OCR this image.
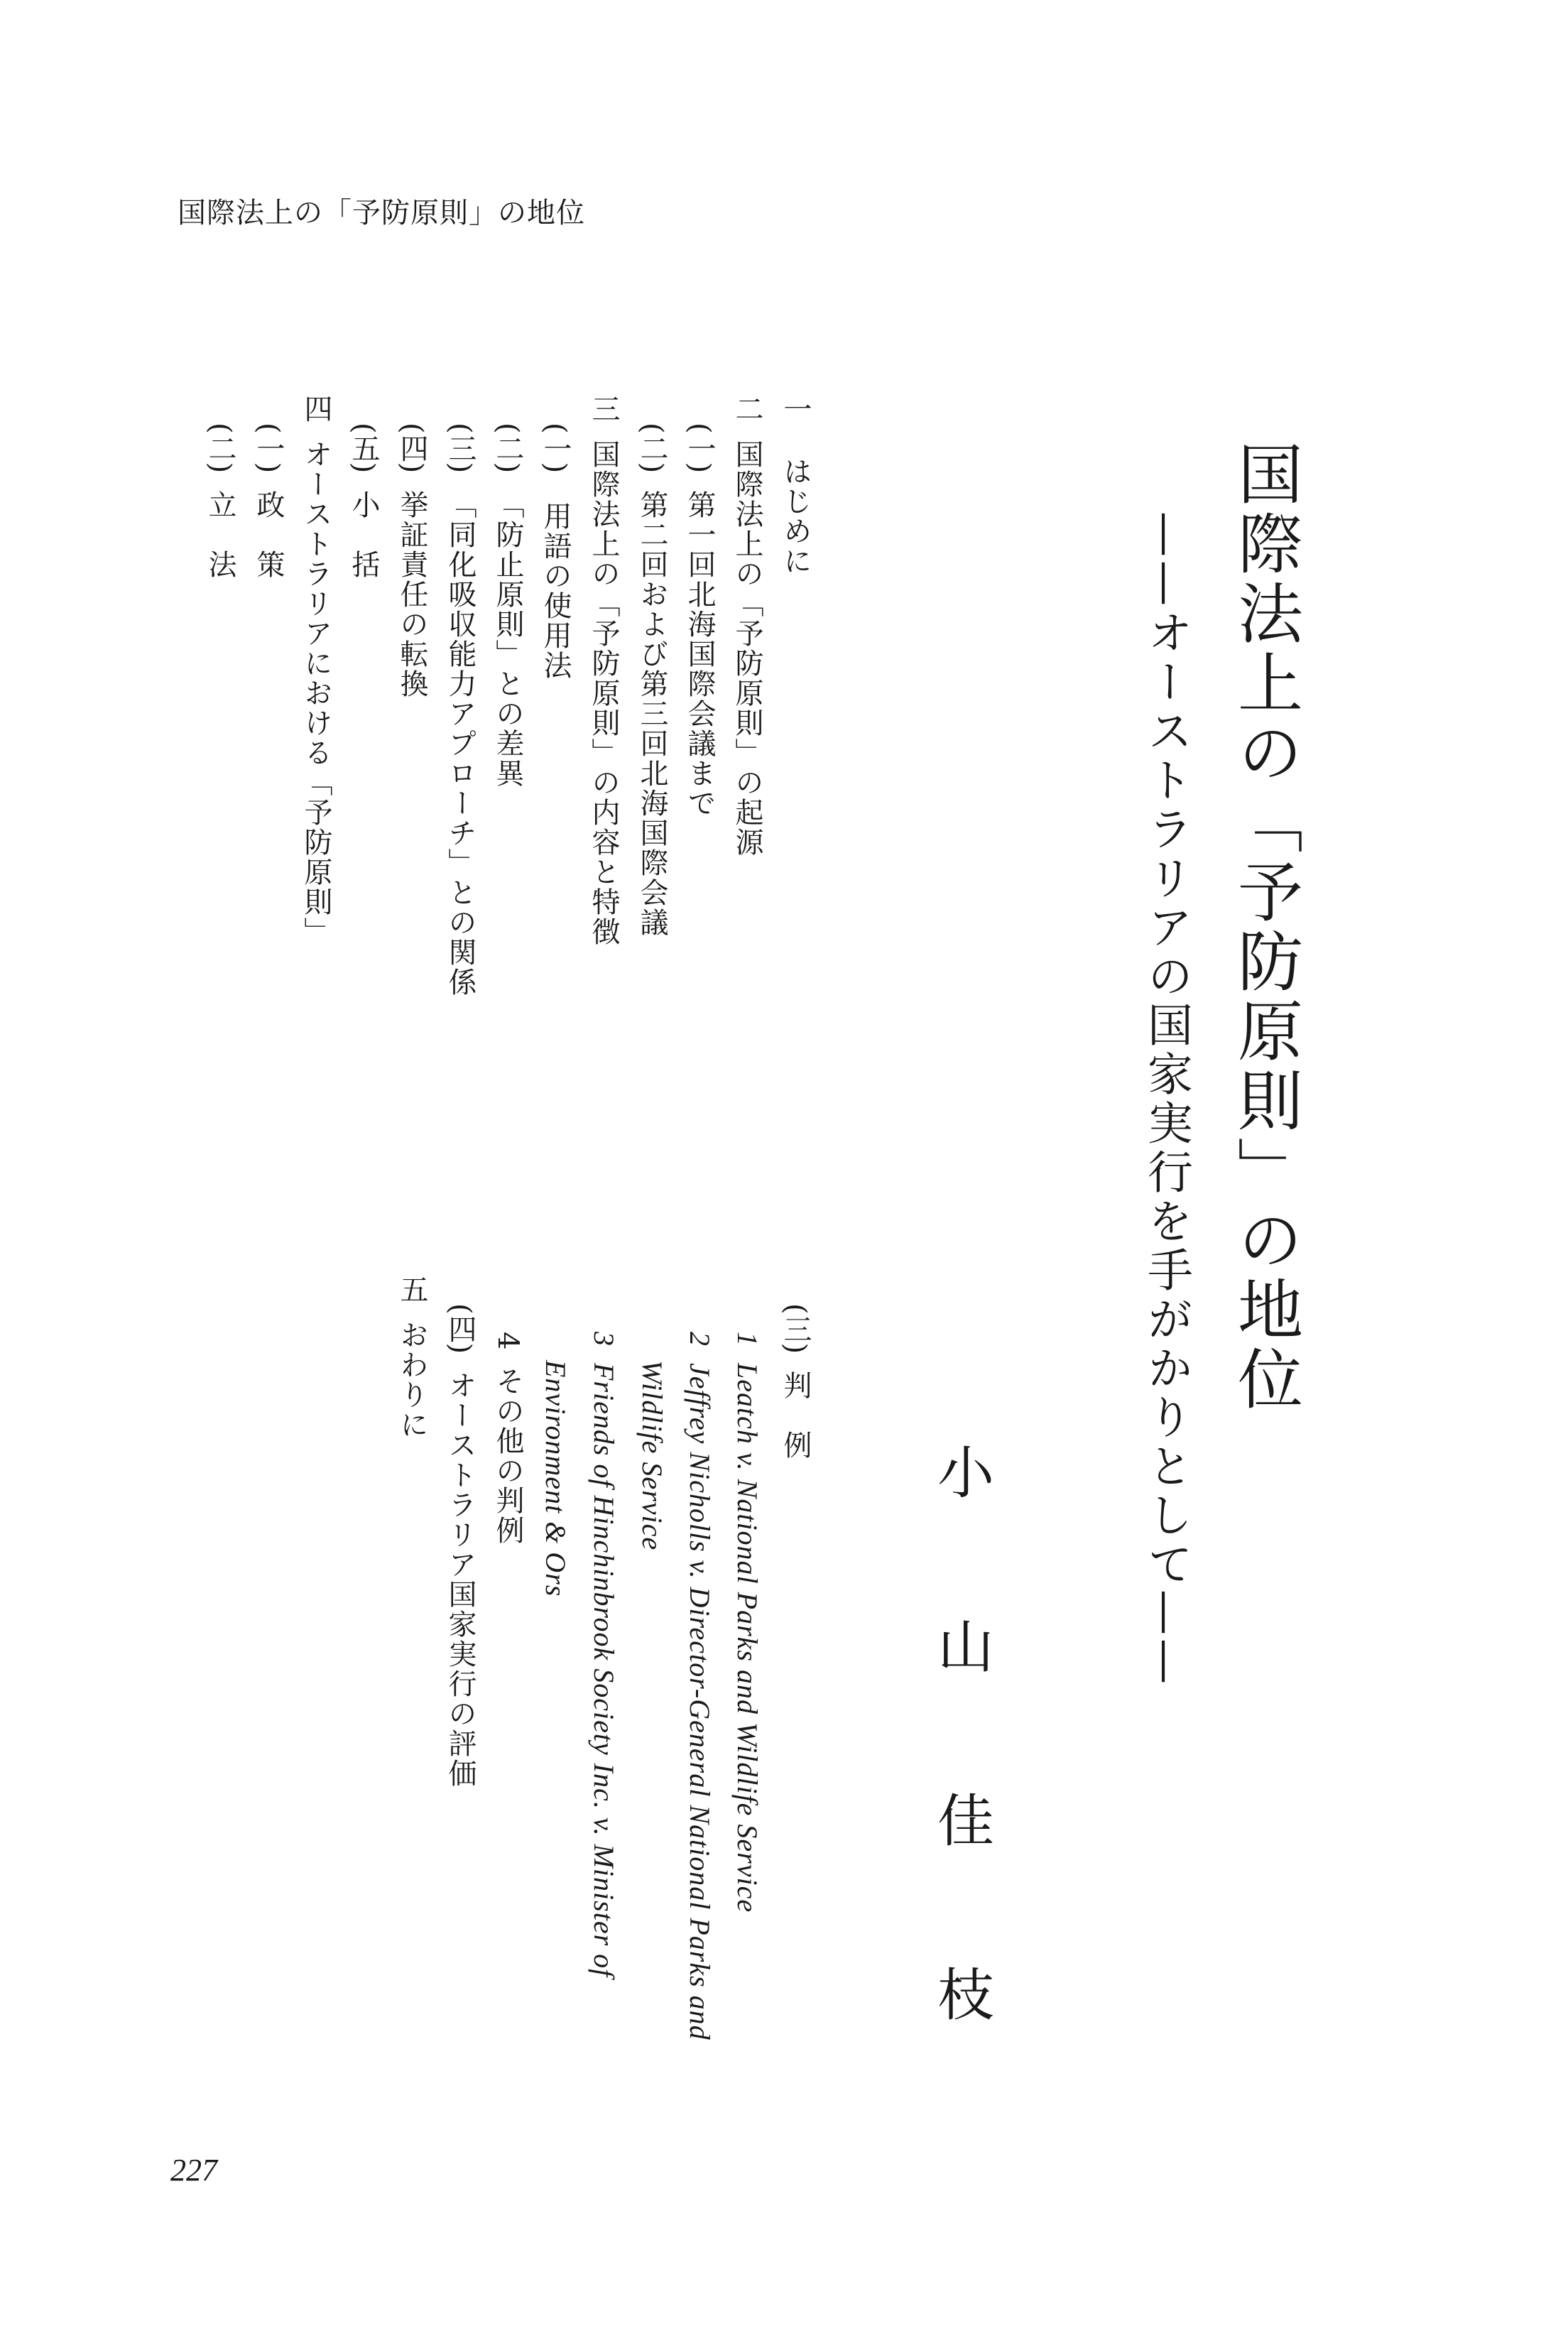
国際法上の「予防原則」の地位
国際法上の「予防原則」の地位
——オーストラリアの国家実行を手がかりとして——
小
山
佳
枝
一はじめに
二国際法上の「予防原則」の起源
(一)第一回北海国際会議まで
(二)第二回および第三回北海国際会議
三国際法上の「予防原則」の内容と特徴
(一)用語の使用法
(二)「防止原則」との差異
(三)「同化吸収能力アプローチ」との関係
(四)挙証責任の転換
(五)小　括
四オーストラリアにおける「予防原則」
(一)政　策
(二)立　法
(三)判　例
1Leatch v. National Parks and Wildlife Service
2Jeffrey Nicholls v. Director-General National Parks and
Wildlife Service
3Friends of Hinchinbrook Society Inc. v. Minister of
Environment & Ors
4その他の判例
(四)オーストラリア国家実行の評価
五おわりに
227
